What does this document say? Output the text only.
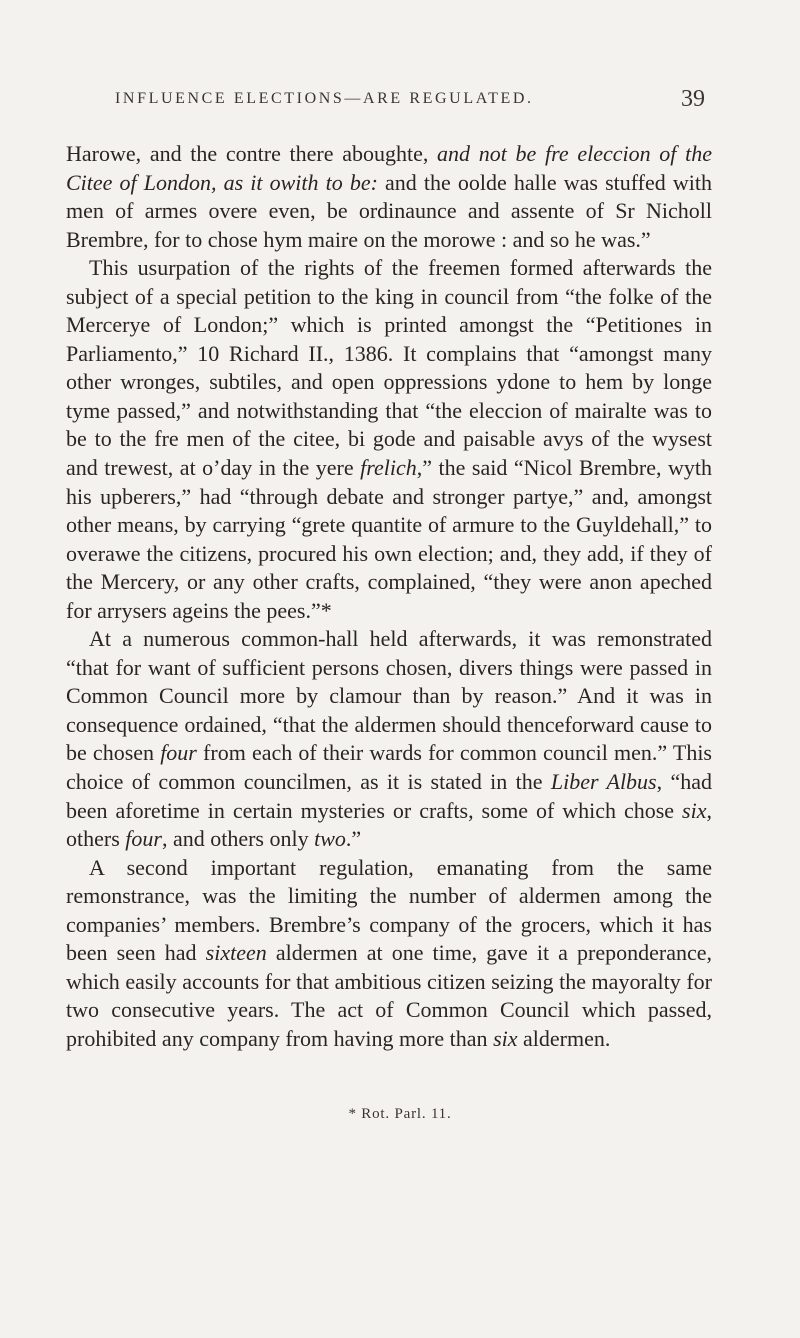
INFLUENCE ELECTIONS—ARE REGULATED.	39

Harowe, and the contre there aboughte, and not be fre eleccion of the Citee of London, as it owith to be: and the oolde halle was stuffed with men of armes overe even, be ordinaunce and assente of Sr Nicholl Brembre, for to chose hym maire on the morowe : and so he was.”

This usurpation of the rights of the freemen formed afterwards the subject of a special petition to the king in council from “the folke of the Mercerye of London;” which is printed amongst the “Petitiones in Parliamento,” 10 Richard II., 1386. It complains that “amongst many other wronges, subtiles, and open oppressions ydone to hem by longe tyme passed,” and notwithstanding that “the eleccion of mairalte was to be to the fre men of the citee, bi gode and paisable avys of the wysest and trewest, at o’day in the yere frelich,” the said “Nicol Brembre, wyth his upberers,” had “through debate and stronger partye,” and, amongst other means, by carrying “grete quantite of armure to the Guyldehall,” to overawe the citizens, procured his own election; and, they add, if they of the Mercery, or any other crafts, complained, “they were anon apeched for arrysers ageins the pees.”*

At a numerous common-hall held afterwards, it was remonstrated “that for want of sufficient persons chosen, divers things were passed in Common Council more by clamour than by reason.” And it was in consequence ordained, “that the aldermen should thenceforward cause to be chosen four from each of their wards for common council men.” This choice of common councilmen, as it is stated in the Liber Albus, “had been aforetime in certain mysteries or crafts, some of which chose six, others four, and others only two.”

A second important regulation, emanating from the same remonstrance, was the limiting the number of aldermen among the companies’ members. Brembre’s company of the grocers, which it has been seen had sixteen aldermen at one time, gave it a preponderance, which easily accounts for that ambitious citizen seizing the mayoralty for two consecutive years. The act of Common Council which passed, prohibited any company from having more than six aldermen.

* Rot. Parl. 11.
